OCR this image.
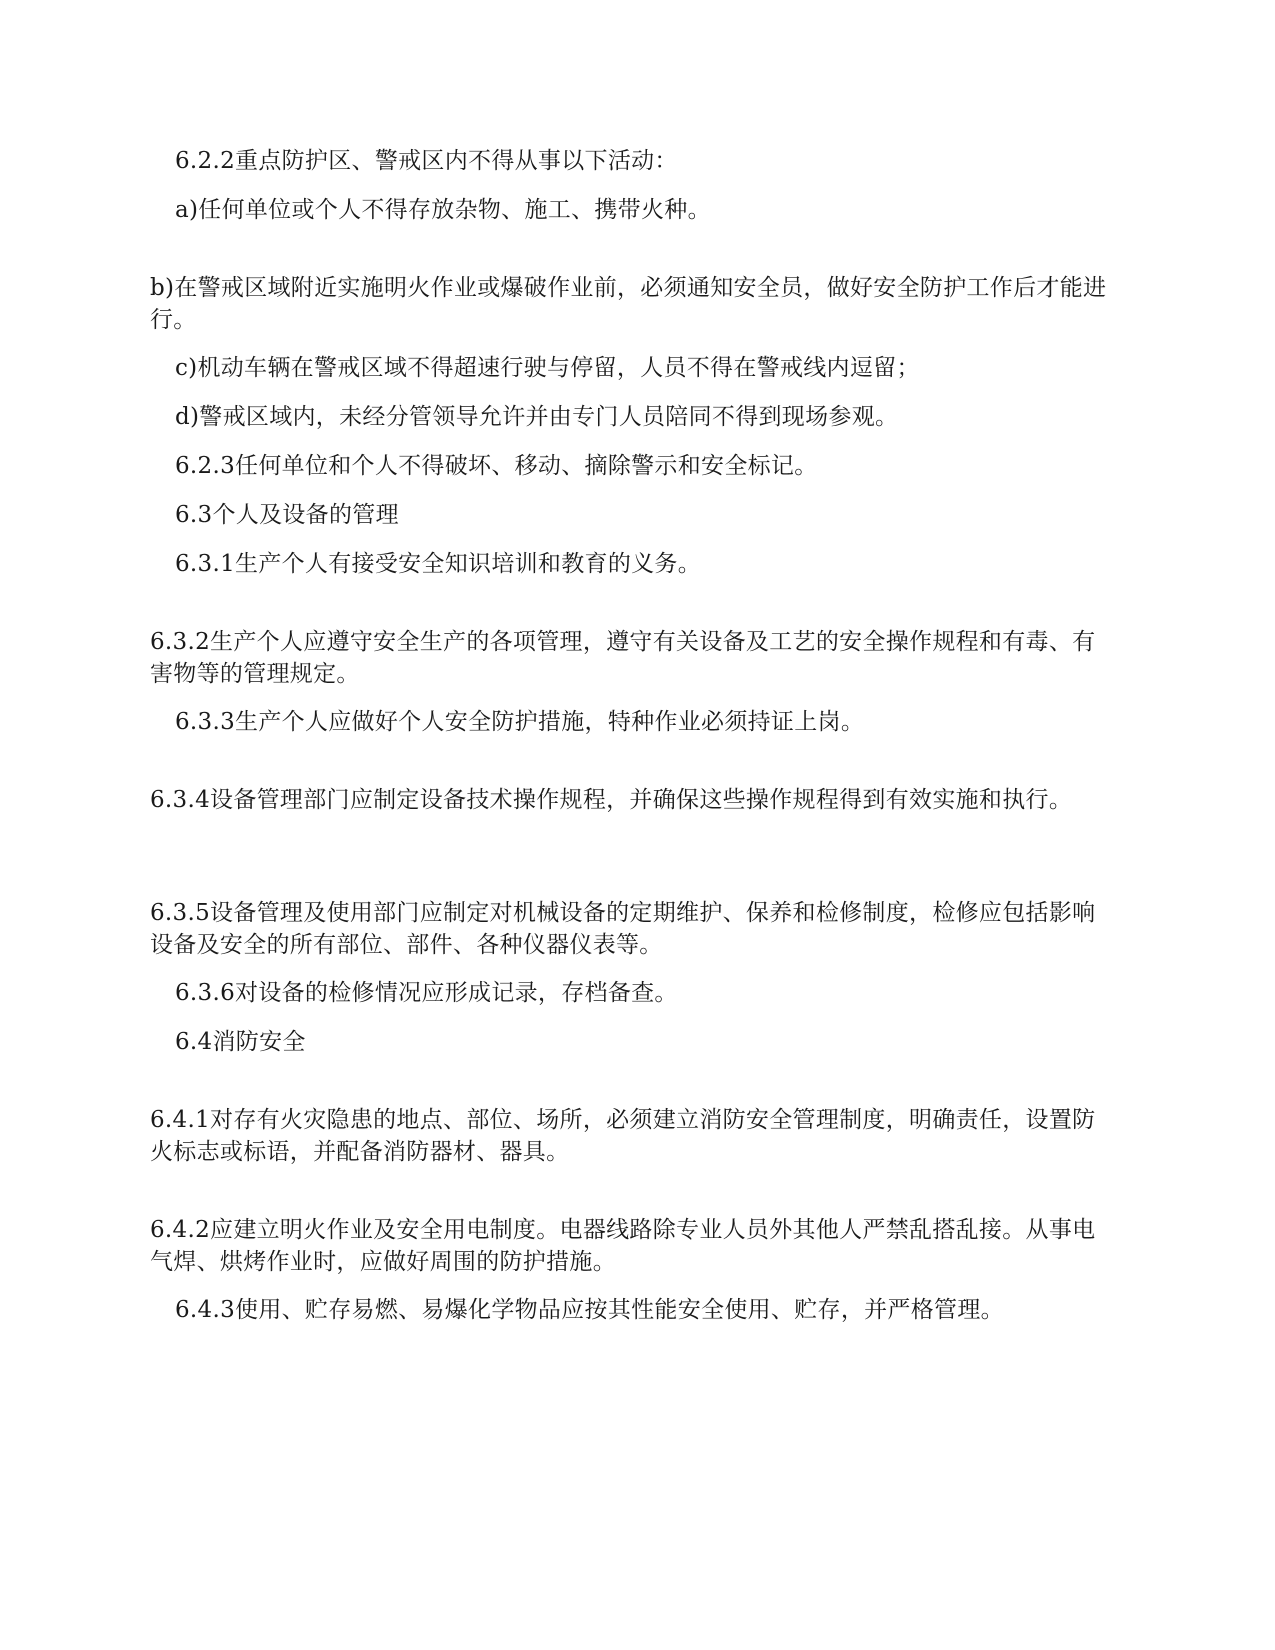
6.2.2重点防护区、警戒区内不得从事以下活动：

a)任何单位或个人不得存放杂物、施工、携带火种。

b)在警戒区域附近实施明火作业或爆破作业前，必须通知安全员，做好安全防护工作后才能进行。

c)机动车辆在警戒区域不得超速行驶与停留，人员不得在警戒线内逗留；

d)警戒区域内，未经分管领导允许并由专门人员陪同不得到现场参观。

6.2.3任何单位和个人不得破坏、移动、摘除警示和安全标记。

6.3个人及设备的管理

6.3.1生产个人有接受安全知识培训和教育的义务。

6.3.2生产个人应遵守安全生产的各项管理，遵守有关设备及工艺的安全操作规程和有毒、有害物等的管理规定。

6.3.3生产个人应做好个人安全防护措施，特种作业必须持证上岗。

6.3.4设备管理部门应制定设备技术操作规程，并确保这些操作规程得到有效实施和执行。

6.3.5设备管理及使用部门应制定对机械设备的定期维护、保养和检修制度，检修应包括影响设备及安全的所有部位、部件、各种仪器仪表等。

6.3.6对设备的检修情况应形成记录，存档备查。

6.4消防安全

6.4.1对存有火灾隐患的地点、部位、场所，必须建立消防安全管理制度，明确责任，设置防火标志或标语，并配备消防器材、器具。

6.4.2应建立明火作业及安全用电制度。电器线路除专业人员外其他人严禁乱搭乱接。从事电气焊、烘烤作业时，应做好周围的防护措施。

6.4.3使用、贮存易燃、易爆化学物品应按其性能安全使用、贮存，并严格管理。
